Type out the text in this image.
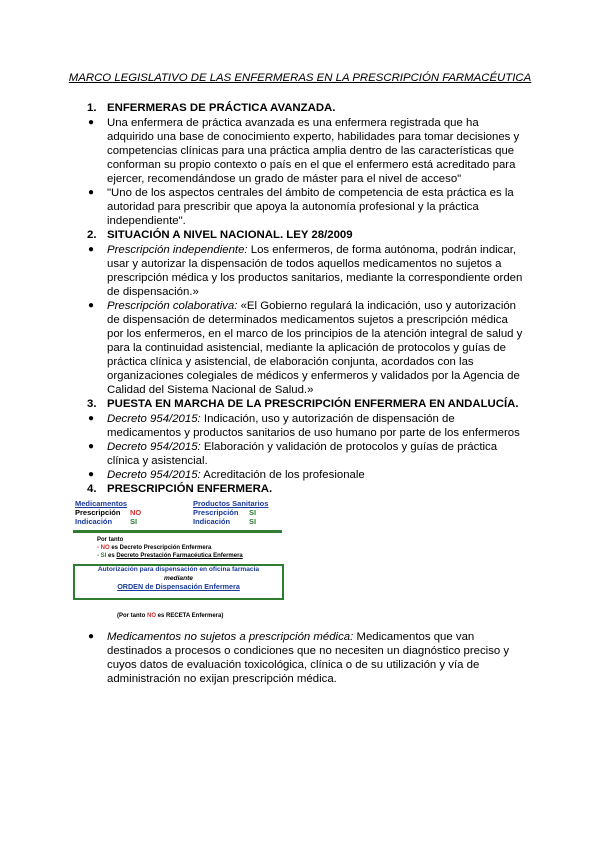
MARCO LEGISLATIVO DE LAS ENFERMERAS EN LA PRESCRIPCIÓN FARMACÉUTICA
1. ENFERMERAS DE PRÁCTICA AVANZADA.
● Una enfermera de práctica avanzada es una enfermera registrada que ha adquirido una base de conocimiento experto, habilidades para tomar decisiones y competencias clínicas para una práctica amplia dentro de las características que conforman su propio contexto o país en el que el enfermero está acreditado para ejercer, recomendándose un grado de máster para el nivel de acceso"
● "Uno de los aspectos centrales del ámbito de competencia de esta práctica es la autoridad para prescribir que apoya la autonomía profesional y la práctica independiente".
2. SITUACIÓN A NIVEL NACIONAL. LEY 28/2009
● Prescripción independiente: Los enfermeros, de forma autónoma, podrán indicar, usar y autorizar la dispensación de todos aquellos medicamentos no sujetos a prescripción médica y los productos sanitarios, mediante la correspondiente orden de dispensación.»
● Prescripción colaborativa: «El Gobierno regulará la indicación, uso y autorización de dispensación de determinados medicamentos sujetos a prescripción médica por los enfermeros, en el marco de los principios de la atención integral de salud y para la continuidad asistencial, mediante la aplicación de protocolos y guías de práctica clínica y asistencial, de elaboración conjunta, acordados con las organizaciones colegiales de médicos y enfermeros y validados por la Agencia de Calidad del Sistema Nacional de Salud.»
3. PUESTA EN MARCHA DE LA PRESCRIPCIÓN ENFERMERA EN ANDALUCÍA.
● Decreto 954/2015: Indicación, uso y autorización de dispensación de medicamentos y productos sanitarios de uso humano por parte de los enfermeros
● Decreto 954/2015: Elaboración y validación de protocolos y guías de práctica clínica y asistencial.
● Decreto 954/2015: Acreditación de los profesionale
4. PRESCRIPCIÓN ENFERMERA.
Medicamentos	Productos Sanitarios
Prescripción NO	Prescripción SI
Indicación SI	Indicación	SI
Por tanto
- NO es Decreto Prescripción Enfermera
- SI es Decreto Prestación Farmacéutica Enfermera
Autorización para dispensación en oficina farmacia
mediante
ORDEN de Dispensación Enfermera
(Por tanto NO es RECETA Enfermera)
● Medicamentos no sujetos a prescripción médica: Medicamentos que van destinados a procesos o condiciones que no necesiten un diagnóstico preciso y cuyos datos de evaluación toxicológica, clínica o de su utilización y vía de administración no exijan prescripción médica.
